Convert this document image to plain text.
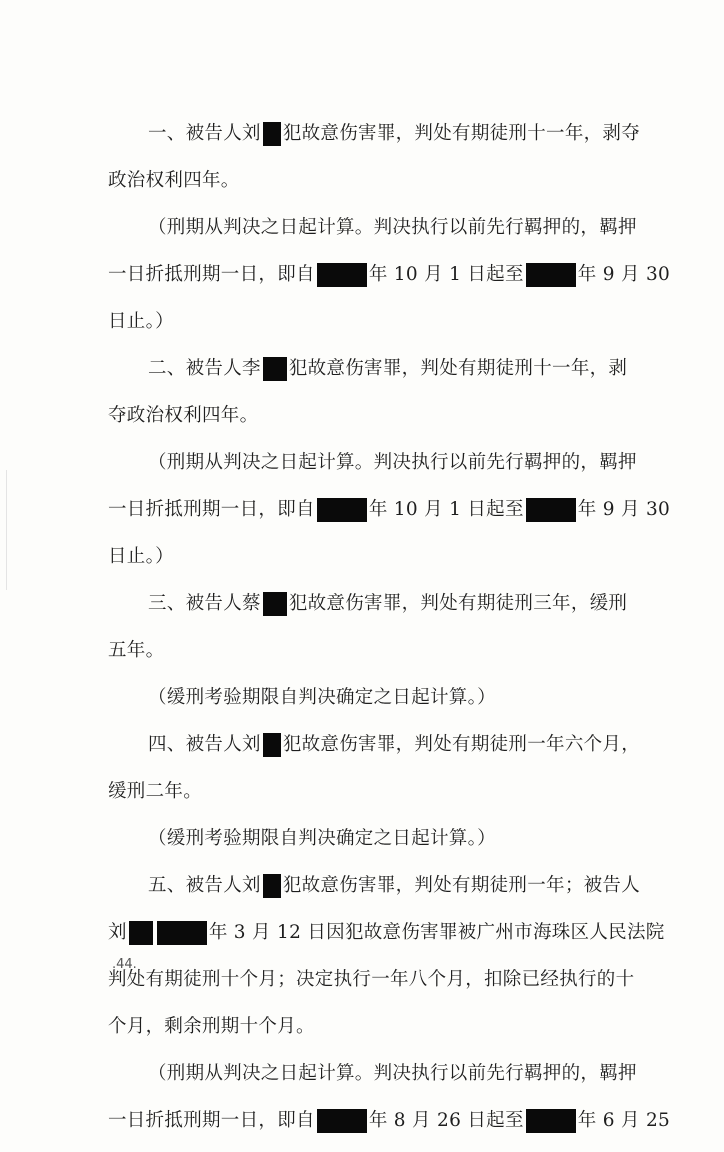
一、被告人刘 犯故意伤害罪，判处有期徒刑十一年，剥夺
政治权利四年。
（刑期从判决之日起计算。判决执行以前先行羁押的，羁押
一日折抵刑期一日，即自	年 10 月 1 日起至	年 9 月 30
日止。）
二、被告人李 犯故意伤害罪，判处有期徒刑十一年，剥
夺政治权利四年。
（刑期从判决之日起计算。判决执行以前先行羁押的，羁押
一日折抵刑期一日，即自	年 10 月 1 日起至	年 9 月 30
日止。）
三、被告人蔡 犯故意伤害罪，判处有期徒刑三年，缓刑
五年。
（缓刑考验期限自判决确定之日起计算。）
四、被告人刘 犯故意伤害罪，判处有期徒刑一年六个月，
缓刑二年。
（缓刑考验期限自判决确定之日起计算。）
五、被告人刘 犯故意伤害罪，判处有期徒刑一年；被告人
刘	年 3 月 12 日因犯故意伤害罪被广州市海珠区人民法院
判处有期徒刑十个月；决定执行一年八个月，扣除已经执行的十
个月，剩余刑期十个月。
（刑期从判决之日起计算。判决执行以前先行羁押的，羁押
一日折抵刑期一日，即自	年 8 月 26 日起至	年 6 月 25
.44.
